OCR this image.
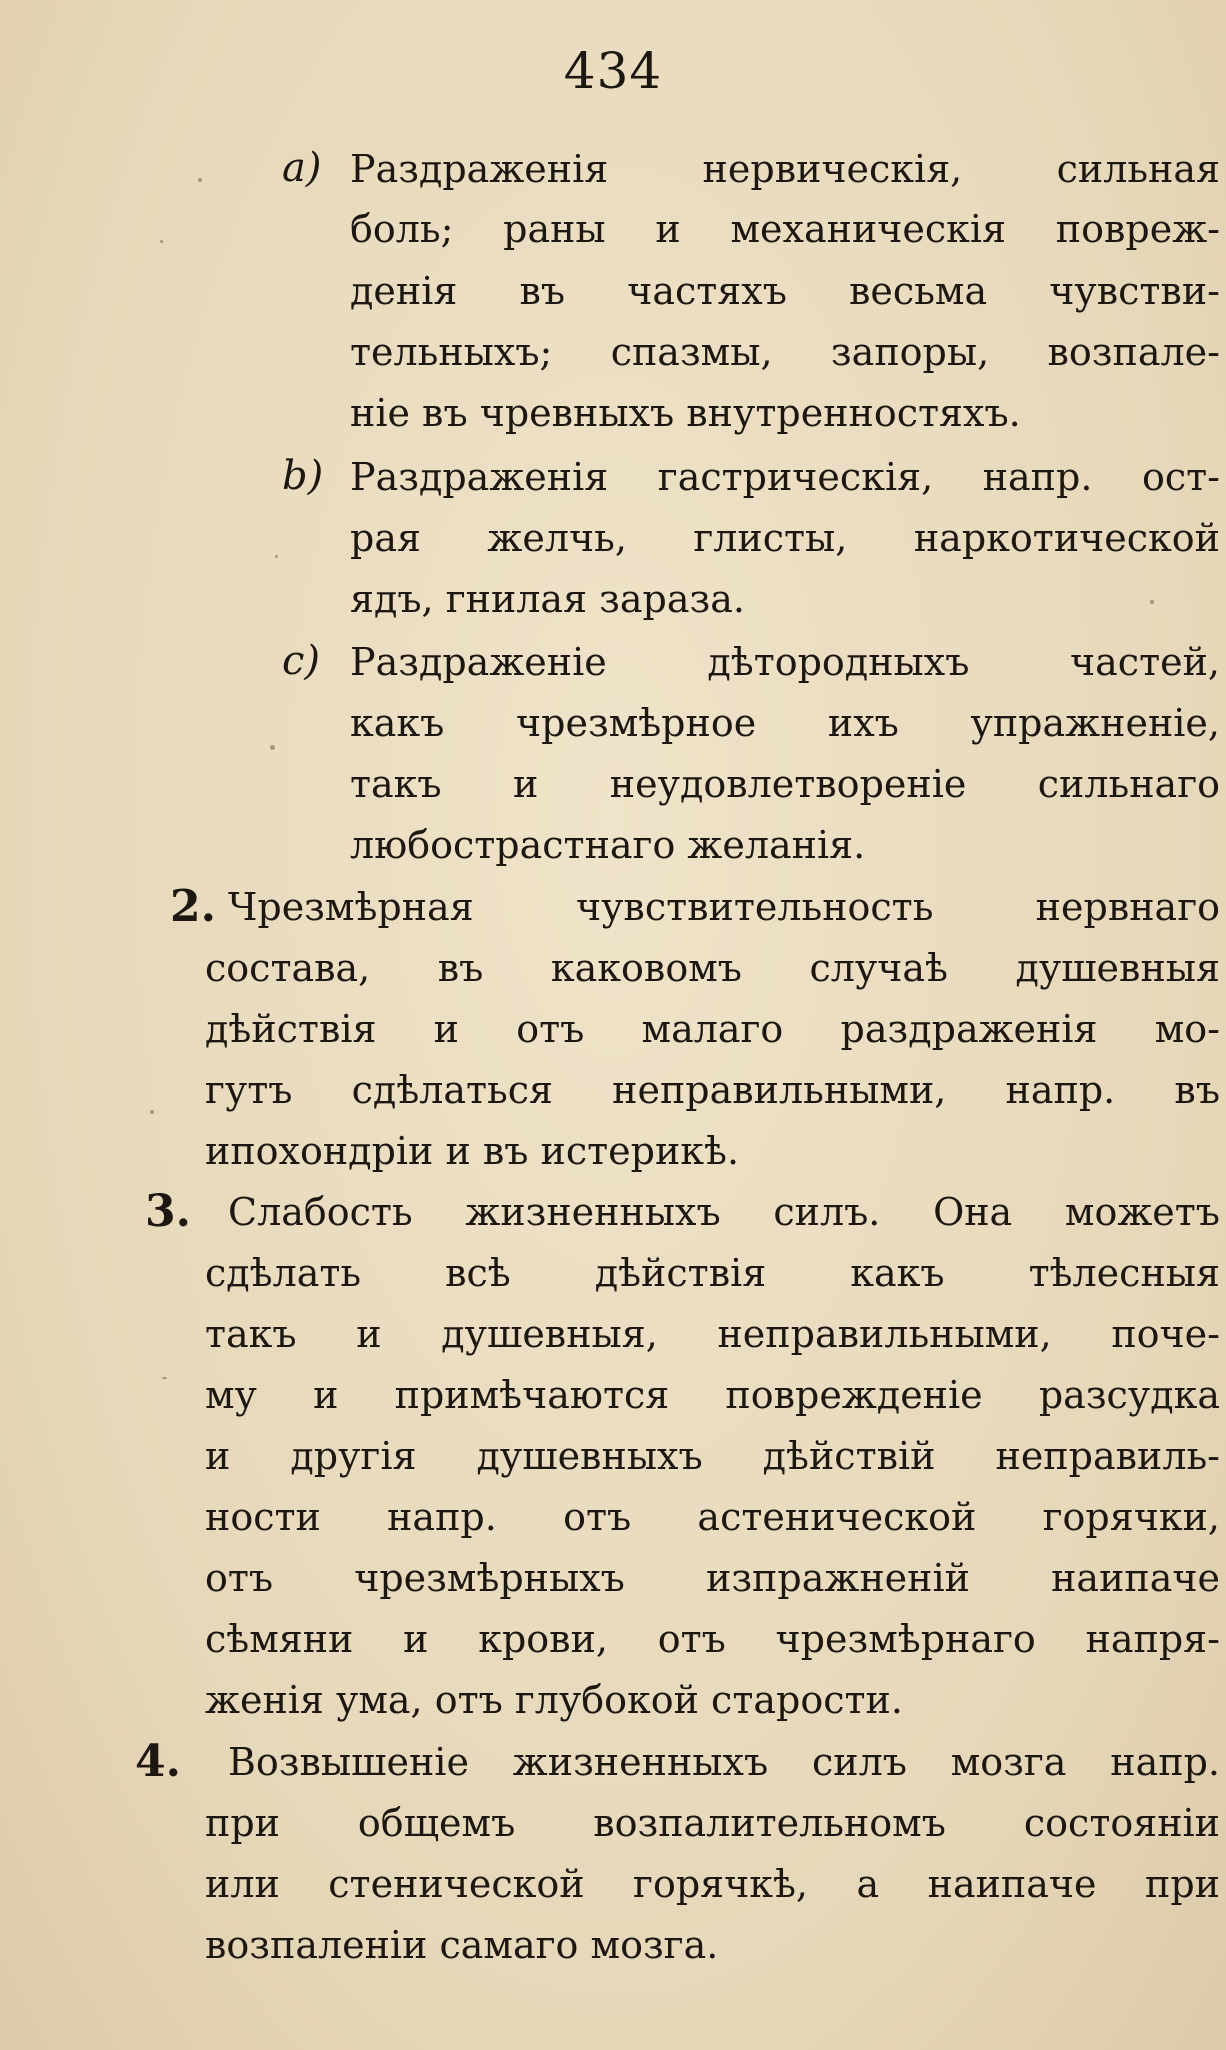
434
a) Раздраженія нервическія, сильная
боль; раны и механическія повреж-
денія въ частяхъ весьма чувстви-
тельныхъ; спазмы, запоры, возпале-
ніе въ чревныхъ внутренностяхъ.
b) Раздраженія гастрическія, напр. ост-
рая желчь, глисты, наркотической
ядъ, гнилая зараза.
c) Раздраженіе дѣтородныхъ частей,
какъ чрезмѣрное ихъ упражненіе,
такъ и неудовлетвореніе сильнаго
любострастнаго желанія.
2. Чрезмѣрная чувствительность нервнаго
состава, въ каковомъ случаѣ душевныя
дѣйствія и отъ малаго раздраженія мо-
гутъ сдѣлаться неправильными, напр. въ
ипохондріи и въ истерикѣ.
3. Слабость жизненныхъ силъ. Она можетъ
сдѣлать всѣ дѣйствія какъ тѣлесныя
такъ и душевныя, неправильными, поче-
му и примѣчаются поврежденіе разсудка
и другія душевныхъ дѣйствій неправиль-
ности напр. отъ астенической горячки,
отъ чрезмѣрныхъ изпражненій наипаче
сѣмяни и крови, отъ чрезмѣрнаго напря-
женія ума, отъ глубокой старости.
4. Возвышеніе жизненныхъ силъ мозга напр.
при общемъ возпалительномъ состояніи
или стенической горячкѣ, а наипаче при
возпаленіи самаго мозга.
